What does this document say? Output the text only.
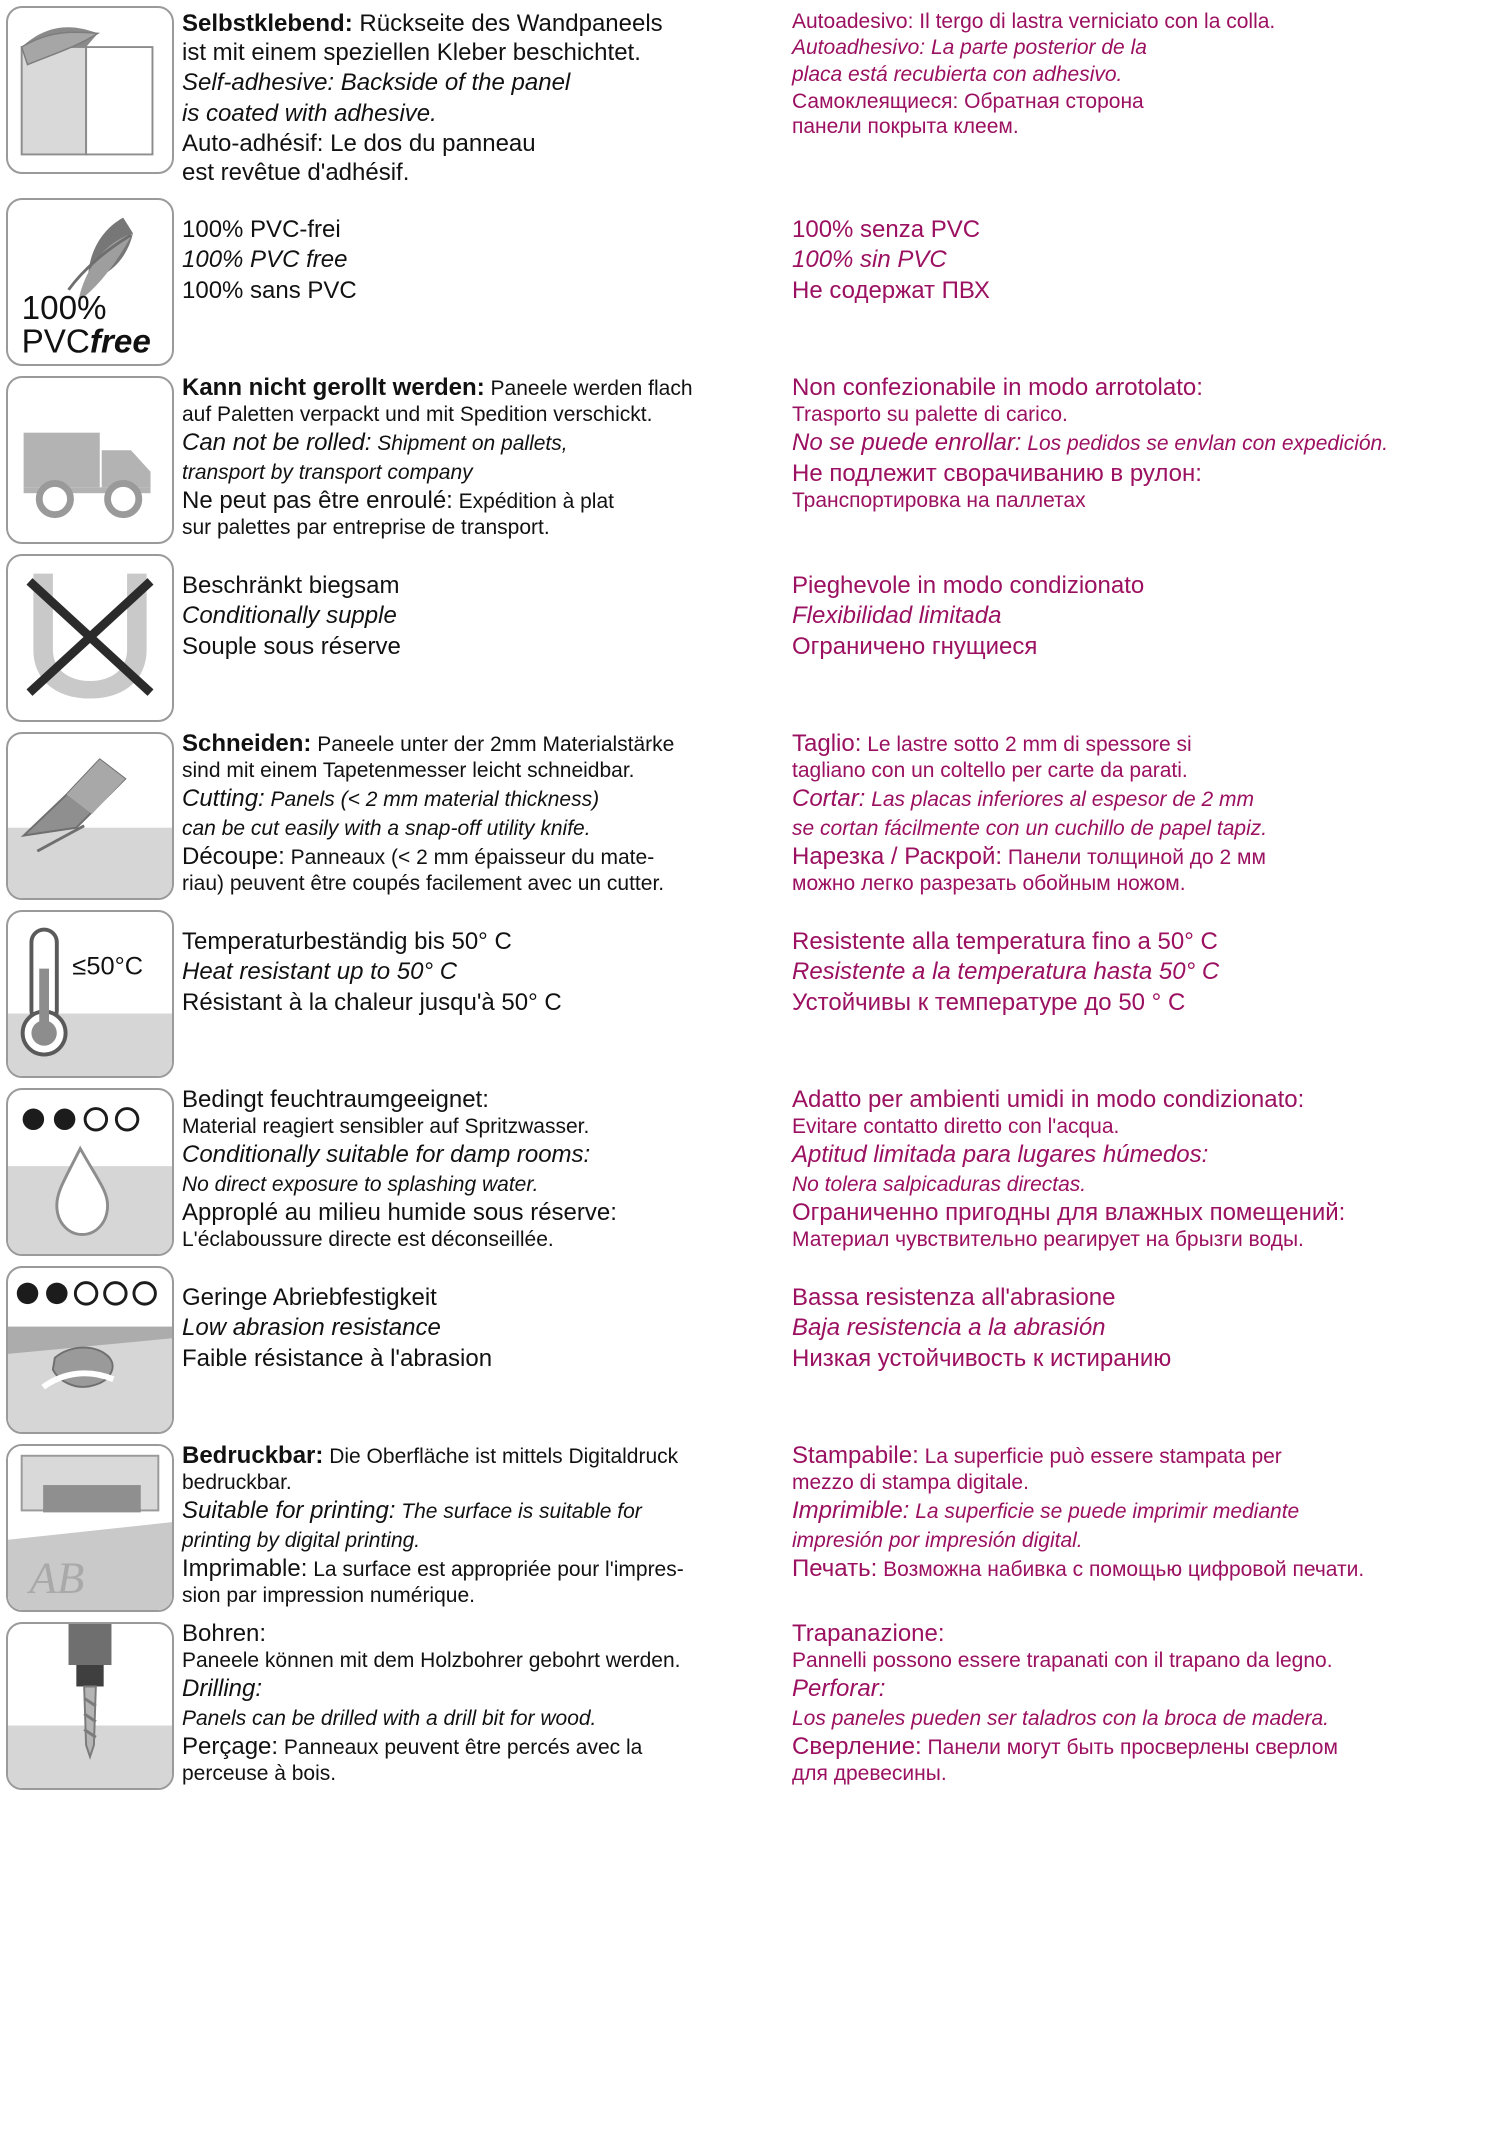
Selbstklebend: Rückseite des Wandpaneels

ist mit einem speziellen Kleber beschichtet.

Self-adhesive: Backside of the panel

is coated with adhesive.

Auto-adhésif: Le dos du panneau

est revêtue d'adhésif.

Autoadesivo: Il tergo di lastra verniciato con la colla.

Autoadhesivo: La parte posterior de la

placa está recubierta con adhesivo.

Самоклеящиеся: Обратная сторона

панели покрыта клеем.

100%
PVCfree

100% PVC-frei

100% PVC free

100% sans PVC

100% senza PVC

100% sin PVC

Не содержат ПВХ

Kann nicht gerollt werden: Paneele werden flach

auf Paletten verpackt und mit Spedition verschickt.

Can not be rolled: Shipment on pallets,

transport by transport company

Ne peut pas être enroulé: Expédition à plat

sur palettes par entreprise de transport.

Non confezionabile in modo arrotolato:

Trasporto su palette di carico.

No se puede enrollar: Los pedidos se envlan con expedición.

Не подлежит сворачиванию в рулон:

Транспортировка на паллетах

Beschränkt biegsam

Conditionally supple

Souple sous réserve

Pieghevole in modo condizionato

Flexibilidad limitada

Ограничено гнущиеся

Schneiden: Paneele unter der 2mm Materialstärke

sind mit einem Tapetenmesser leicht schneidbar.

Cutting: Panels (< 2 mm material thickness)

can be cut easily with a snap-off utility knife.

Découpe: Panneaux (< 2 mm épaisseur du mate-

riau) peuvent être coupés facilement avec un cutter.

Taglio: Le lastre sotto 2 mm di spessore si

tagliano con un coltello per carte da parati.

Cortar: Las placas inferiores al espesor de 2 mm

se cortan fácilmente con un cuchillo de papel tapiz.

Нарезка / Раскрой: Панели толщиной до 2 мм

можно легко разрезать обойным ножом.

≤50°C

Temperaturbeständig bis 50° C

Heat resistant up to 50° C

Résistant à la chaleur jusqu'à 50° C

Resistente alla temperatura fino a 50° C

Resistente a la temperatura hasta 50° C

Устойчивы к температуре до 50 ° C

Bedingt feuchtraumgeeignet:

Material reagiert sensibler auf Spritzwasser.

Conditionally suitable for damp rooms:

No direct exposure to splashing water.

Approplé au milieu humide sous réserve:

L'éclaboussure directe est déconseillée.

Adatto per ambienti umidi in modo condizionato:

Evitare contatto diretto con l'acqua.

Aptitud limitada para lugares húmedos:

No tolera salpicaduras directas.

Ограниченно пригодны для влажных помещений:

Материал чувствительно реагирует на брызги воды.

Geringe Abriebfestigkeit

Low abrasion resistance

Faible résistance à l'abrasion

Bassa resistenza all'abrasione

Baja resistencia a la abrasión

Низкая устойчивость к истиранию

AB

Bedruckbar: Die Oberfläche ist mittels Digitaldruck

bedruckbar.

Suitable for printing: The surface is suitable for

printing by digital printing.

Imprimable: La surface est appropriée pour l'impres-

sion par impression numérique.

Stampabile: La superficie può essere stampata per

mezzo di stampa digitale.

Imprimible: La superficie se puede imprimir mediante

impresión por impresión digital.

Печать: Возможна набивка с помощью цифровой печати.

Bohren:

Paneele können mit dem Holzbohrer gebohrt werden.

Drilling:

Panels can be drilled with a drill bit for wood.

Perçage: Panneaux peuvent être percés avec la

perceuse à bois.

Trapanazione:

Pannelli possono essere trapanati con il trapano da legno.

Perforar:

Los paneles pueden ser taladros con la broca de madera.

Сверление: Панели могут быть просверлены сверлом

для древесины.
